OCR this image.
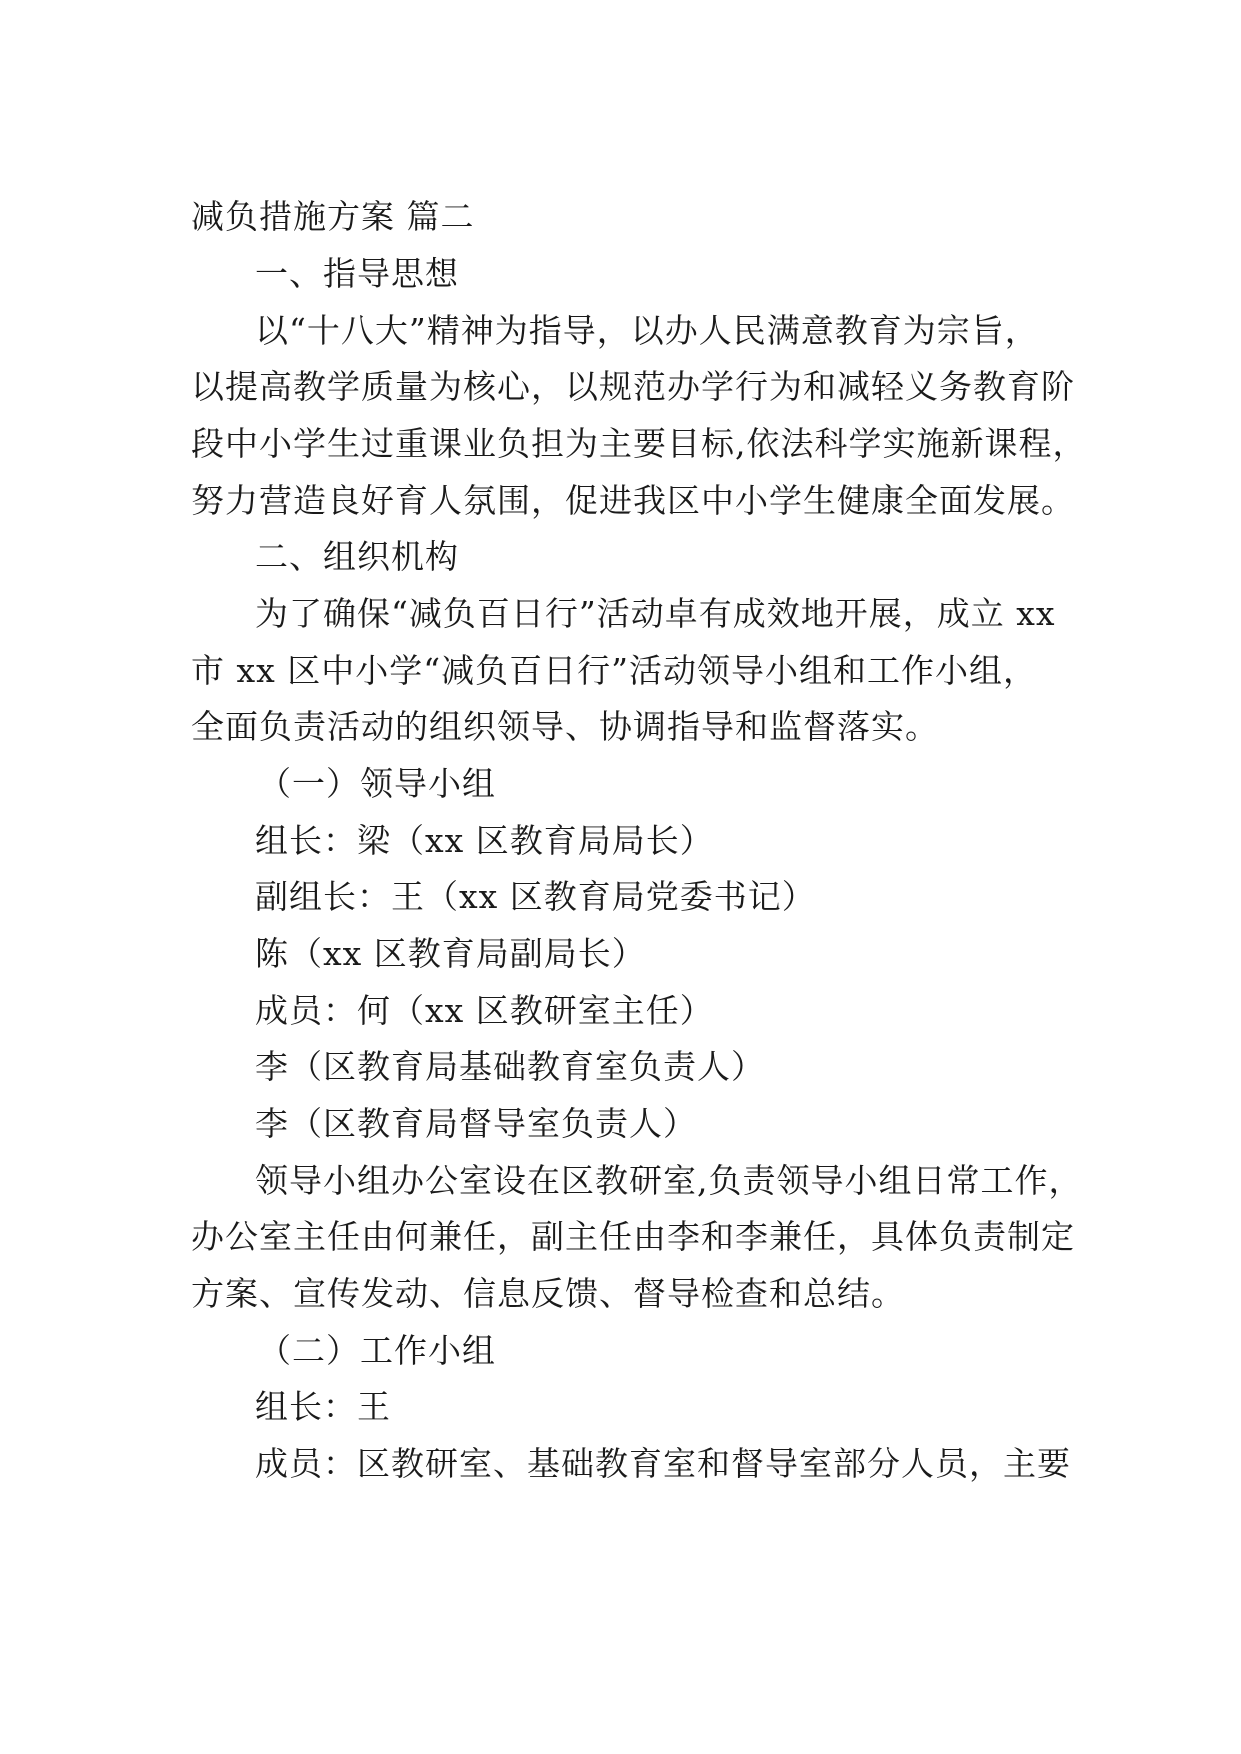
减负措施方案 篇二
一、指导思想
以“十八大”精神为指导，以办人民满意教育为宗旨，
以提高教学质量为核心，以规范办学行为和减轻义务教育阶
段中小学生过重课业负担为主要目标,依法科学实施新课程，
努力营造良好育人氛围，促进我区中小学生健康全面发展。
二、组织机构
为了确保“减负百日行”活动卓有成效地开展，成立 xx
市 xx 区中小学“减负百日行”活动领导小组和工作小组，
全面负责活动的组织领导、协调指导和监督落实。
（一）领导小组
组长：梁（xx 区教育局局长）
副组长：王（xx 区教育局党委书记）
陈（xx 区教育局副局长）
成员：何（xx 区教研室主任）
李（区教育局基础教育室负责人）
李（区教育局督导室负责人）
领导小组办公室设在区教研室,负责领导小组日常工作，
办公室主任由何兼任，副主任由李和李兼任，具体负责制定
方案、宣传发动、信息反馈、督导检查和总结。
（二）工作小组
组长：王
成员：区教研室、基础教育室和督导室部分人员，主要
